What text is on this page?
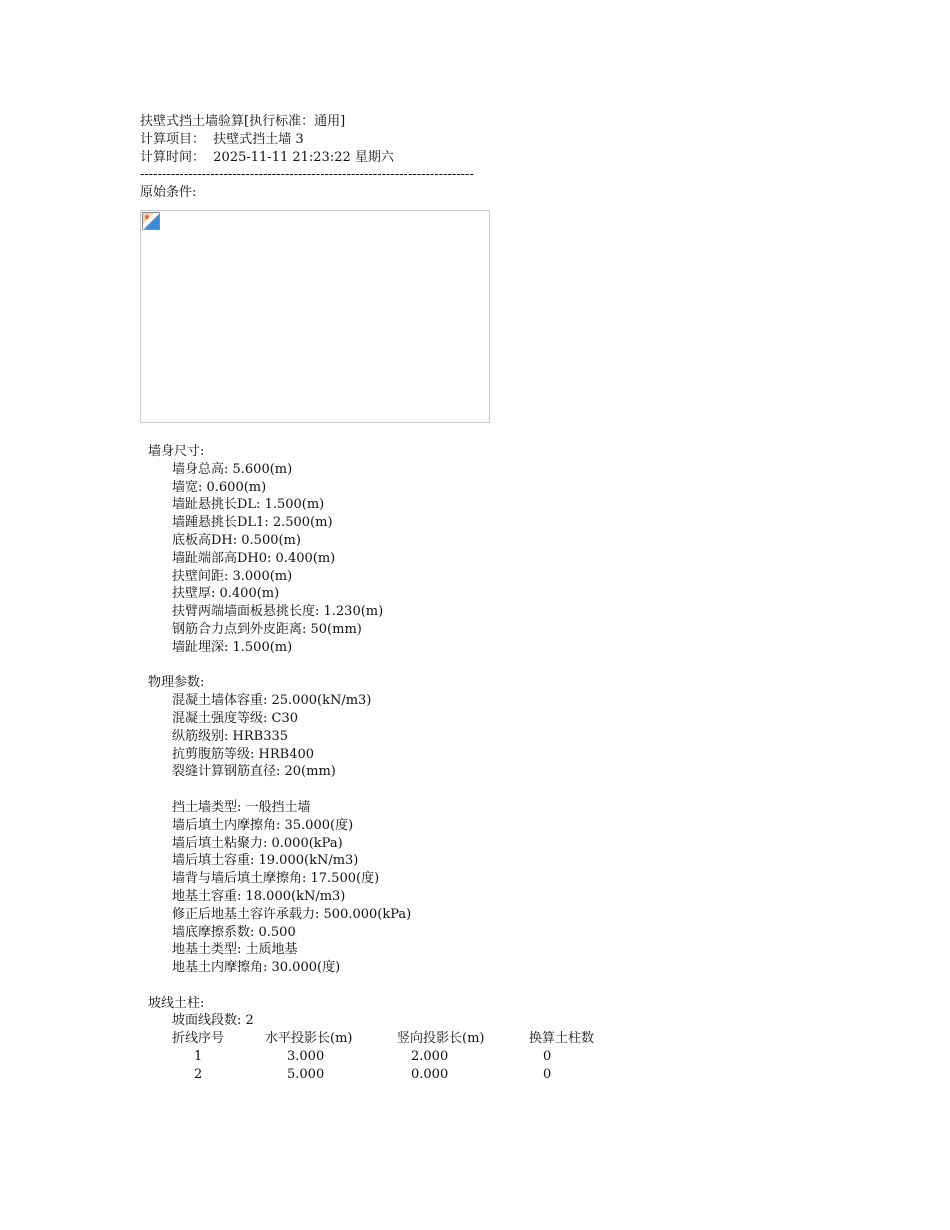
扶壁式挡土墙验算[执行标准：通用]
计算项目： 扶壁式挡土墙 3
计算时间： 2025-11-11 21:23:22 星期六
----------------------------------------------------------------------------
原始条件:
墙身尺寸:
墙身总高: 5.600(m)
墙宽: 0.600(m)
墙趾悬挑长DL: 1.500(m)
墙踵悬挑长DL1: 2.500(m)
底板高DH: 0.500(m)
墙趾端部高DH0: 0.400(m)
扶壁间距: 3.000(m)
扶壁厚: 0.400(m)
扶臂两端墙面板悬挑长度: 1.230(m)
钢筋合力点到外皮距离: 50(mm)
墙趾埋深: 1.500(m)
物理参数:
混凝土墙体容重: 25.000(kN/m3)
混凝土强度等级: C30
纵筋级别: HRB335
抗剪腹筋等级: HRB400
裂缝计算钢筋直径: 20(mm)
挡土墙类型: 一般挡土墙
墙后填土内摩擦角: 35.000(度)
墙后填土粘聚力: 0.000(kPa)
墙后填土容重: 19.000(kN/m3)
墙背与墙后填土摩擦角: 17.500(度)
地基土容重: 18.000(kN/m3)
修正后地基土容许承载力: 500.000(kPa)
墙底摩擦系数: 0.500
地基土类型: 土质地基
地基土内摩擦角: 30.000(度)
坡线土柱:
坡面线段数: 2
折线序号	水平投影长(m)	竖向投影长(m)	换算土柱数
1	3.000	2.000	0
2	5.000	0.000	0
